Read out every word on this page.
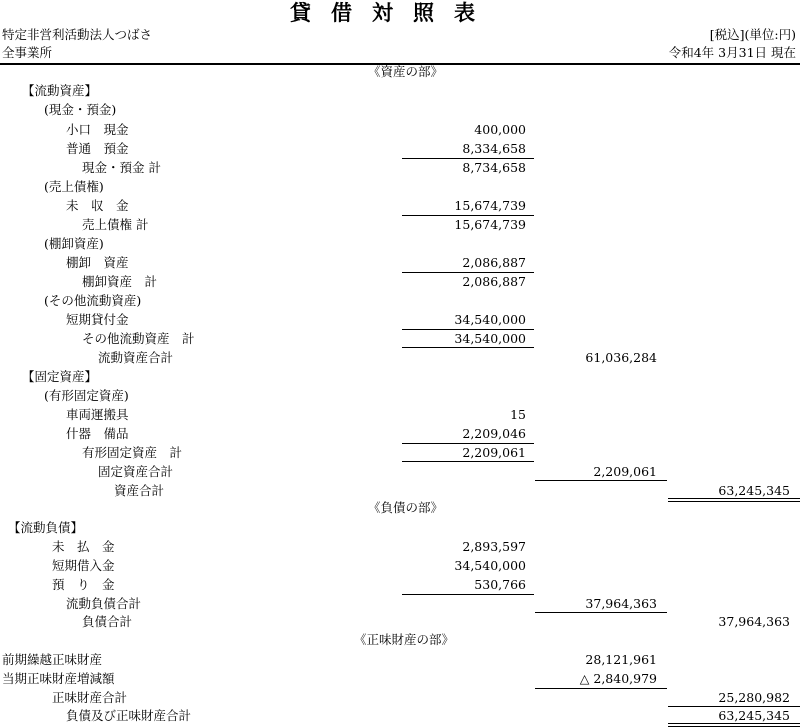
貸借対照表
特定非営利活動法人つばさ
全事業所
[税込](単位:円)
令和4年 3月31日 現在
《資産の部》
【流動資産】
(現金・預金)
小口　現金	400,000
普通　預金	8,334,658
現金・預金 計	8,734,658
(売上債権)
未　収　金	15,674,739
売上債権 計	15,674,739
(棚卸資産)
棚卸　資産	2,086,887
棚卸資産　計	2,086,887
(その他流動資産)
短期貸付金	34,540,000
その他流動資産　計	34,540,000
流動資産合計	61,036,284
【固定資産】
(有形固定資産)
車両運搬具	15
什器　備品	2,209,046
有形固定資産　計	2,209,061
固定資産合計	2,209,061
資産合計	63,245,345
《負債の部》
【流動負債】
未　払　金	2,893,597
短期借入金	34,540,000
預　り　金	530,766
流動負債合計	37,964,363
負債合計	37,964,363
《正味財産の部》
前期繰越正味財産	28,121,961
当期正味財産増減額	△ 2,840,979
正味財産合計	25,280,982
負債及び正味財産合計	63,245,345
